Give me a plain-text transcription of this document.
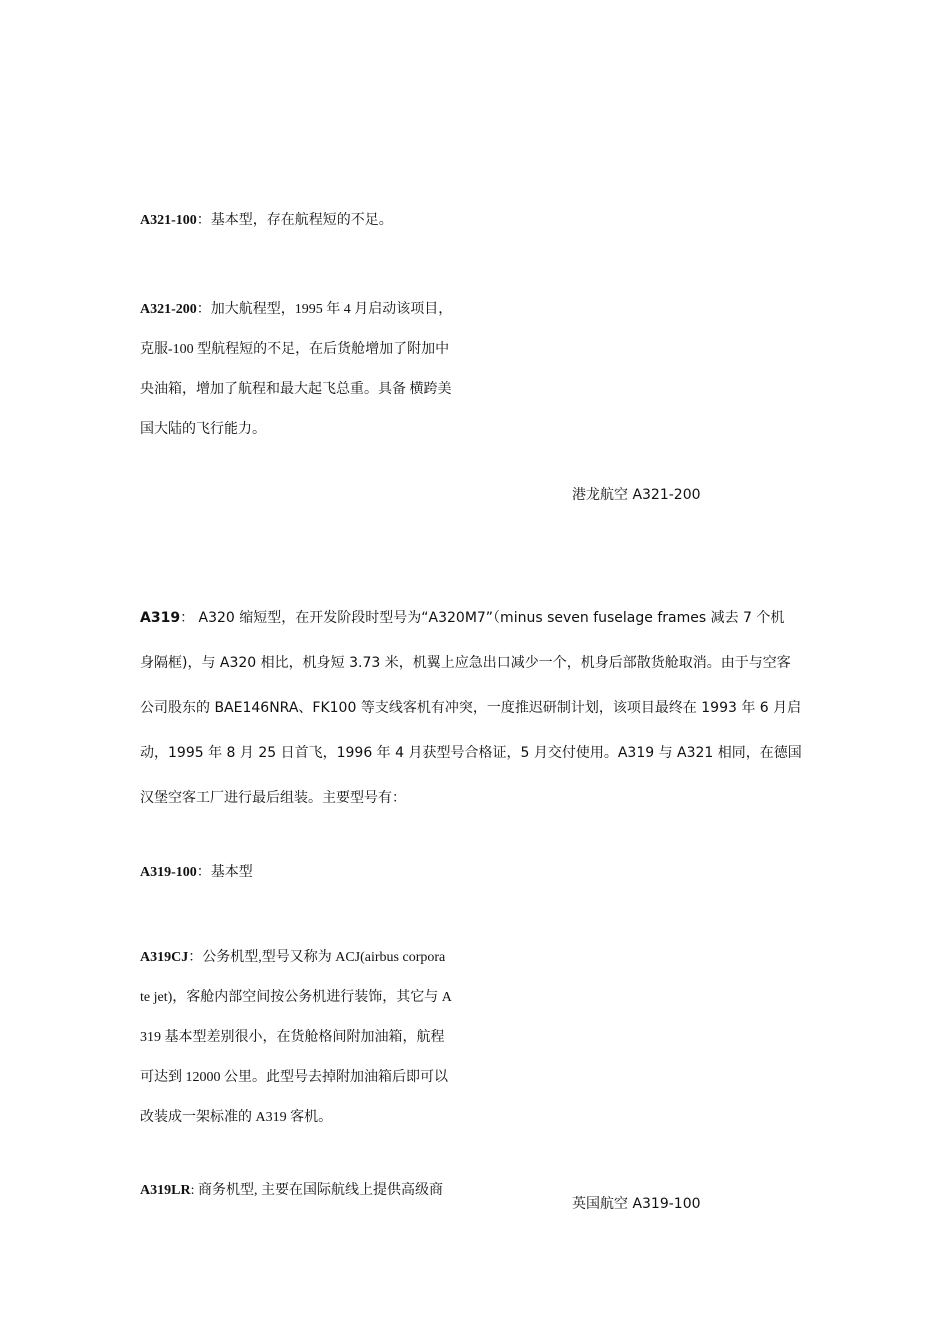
A321-100：基本型，存在航程短的不足。
A321-200：加大航程型，1995 年 4 月启动该项目，
克服-100 型航程短的不足，在后货舱增加了附加中
央油箱，增加了航程和最大起飞总重。具备 横跨美
国大陆的飞行能力。
港龙航空 A321-200
A319： A320 缩短型，在开发阶段时型号为“A320M7”（minus seven fuselage frames 减去 7 个机
身隔框)，与 A320 相比，机身短 3.73 米，机翼上应急出口减少一个，机身后部散货舱取消。由于与空客
公司股东的 BAE146NRA、FK100 等支线客机有冲突，一度推迟研制计划，该项目最终在 1993 年 6 月启
动，1995 年 8 月 25 日首飞，1996 年 4 月获型号合格证，5 月交付使用。A319 与 A321 相同，在德国
汉堡空客工厂进行最后组装。主要型号有：
A319-100：基本型
A319CJ：公务机型,型号又称为 ACJ(airbus corpora
te jet)，客舱内部空间按公务机进行装饰，其它与 A
319 基本型差别很小，在货舱格间附加油箱，航程
可达到 12000 公里。此型号去掉附加油箱后即可以
改装成一架标准的 A319 客机。
A319LR: 商务机型, 主要在国际航线上提供高级商
英国航空 A319-100
